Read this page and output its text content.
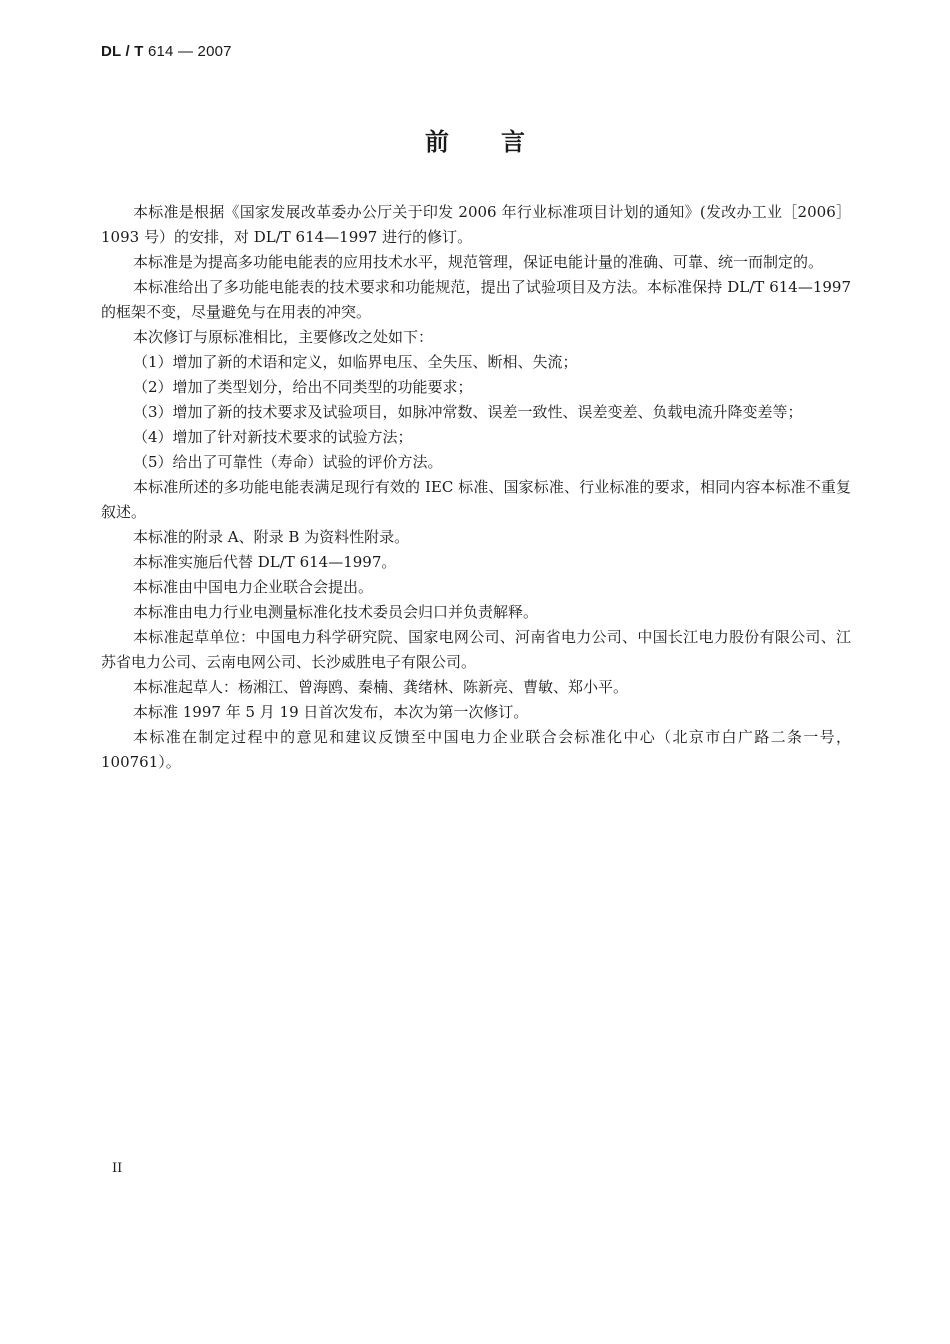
DL / T 614 — 2007
前言

本标准是根据《国家发展改革委办公厅关于印发 2006 年行业标准项目计划的通知》(发改办工业［2006］1093 号）的安排，对 DL/T 614—1997 进行的修订。

本标准是为提高多功能电能表的应用技术水平，规范管理，保证电能计量的准确、可靠、统一而制定的。

本标准给出了多功能电能表的技术要求和功能规范，提出了试验项目及方法。本标准保持 DL/T 614—1997 的框架不变，尽量避免与在用表的冲突。

本次修订与原标准相比，主要修改之处如下：

（1）增加了新的术语和定义，如临界电压、全失压、断相、失流；

（2）增加了类型划分，给出不同类型的功能要求；

（3）增加了新的技术要求及试验项目，如脉冲常数、误差一致性、误差变差、负载电流升降变差等；

（4）增加了针对新技术要求的试验方法；

（5）给出了可靠性（寿命）试验的评价方法。

本标准所述的多功能电能表满足现行有效的 IEC 标准、国家标准、行业标准的要求，相同内容本标准不重复叙述。

本标准的附录 A、附录 B 为资料性附录。

本标准实施后代替 DL/T 614—1997。

本标准由中国电力企业联合会提出。

本标准由电力行业电测量标准化技术委员会归口并负责解释。

本标准起草单位：中国电力科学研究院、国家电网公司、河南省电力公司、中国长江电力股份有限公司、江苏省电力公司、云南电网公司、长沙威胜电子有限公司。

本标准起草人：杨湘江、曾海鸥、秦楠、龚绪林、陈新亮、曹敏、郑小平。

本标准 1997 年 5 月 19 日首次发布，本次为第一次修订。

本标准在制定过程中的意见和建议反馈至中国电力企业联合会标准化中心（北京市白广路二条一号，100761）。

II
